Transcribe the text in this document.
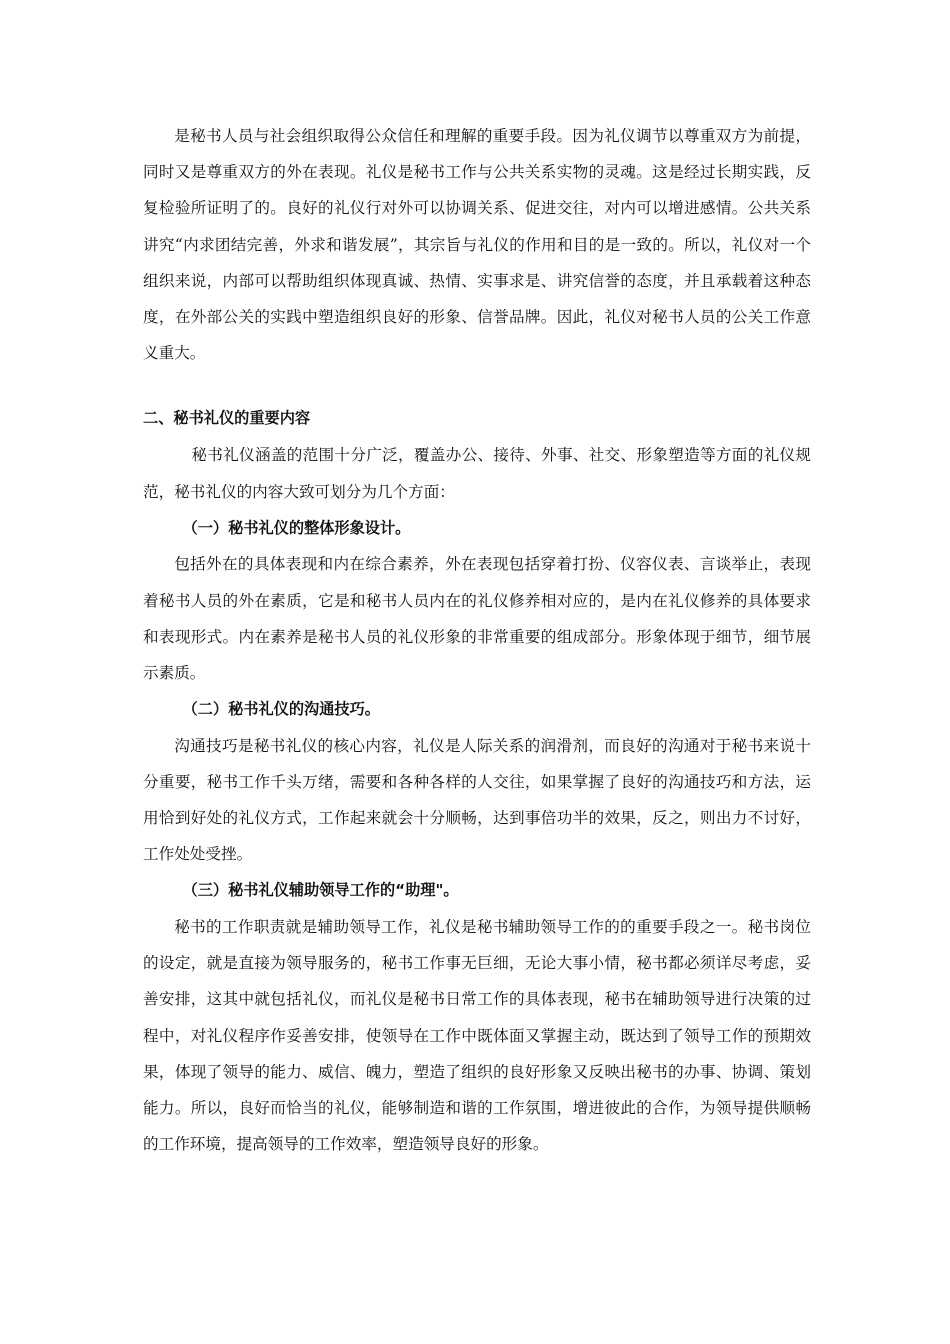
是秘书人员与社会组织取得公众信任和理解的重要手段。因为礼仪调节以尊重双方为前提，同时又是尊重双方的外在表现。礼仪是秘书工作与公共关系实物的灵魂。这是经过长期实践，反复检验所证明了的。良好的礼仪行对外可以协调关系、促进交往，对内可以增进感情。公共关系讲究“内求团结完善，外求和谐发展”，其宗旨与礼仪的作用和目的是一致的。所以，礼仪对一个组织来说，内部可以帮助组织体现真诚、热情、实事求是、讲究信誉的态度，并且承载着这种态度，在外部公关的实践中塑造组织良好的形象、信誉品牌。因此，礼仪对秘书人员的公关工作意义重大。

二、秘书礼仪的重要内容

秘书礼仪涵盖的范围十分广泛，覆盖办公、接待、外事、社交、形象塑造等方面的礼仪规范，秘书礼仪的内容大致可划分为几个方面：

（一）秘书礼仪的整体形象设计。

包括外在的具体表现和内在综合素养，外在表现包括穿着打扮、仪容仪表、言谈举止，表现着秘书人员的外在素质，它是和秘书人员内在的礼仪修养相对应的，是内在礼仪修养的具体要求和表现形式。内在素养是秘书人员的礼仪形象的非常重要的组成部分。形象体现于细节，细节展示素质。

（二）秘书礼仪的沟通技巧。

沟通技巧是秘书礼仪的核心内容，礼仪是人际关系的润滑剂，而良好的沟通对于秘书来说十分重要，秘书工作千头万绪，需要和各种各样的人交往，如果掌握了良好的沟通技巧和方法，运用恰到好处的礼仪方式，工作起来就会十分顺畅，达到事倍功半的效果，反之，则出力不讨好，工作处处受挫。

（三）秘书礼仪辅助领导工作的“助理"。

秘书的工作职责就是辅助领导工作，礼仪是秘书辅助领导工作的的重要手段之一。秘书岗位的设定，就是直接为领导服务的，秘书工作事无巨细，无论大事小情，秘书都必须详尽考虑，妥善安排，这其中就包括礼仪，而礼仪是秘书日常工作的具体表现，秘书在辅助领导进行决策的过程中，对礼仪程序作妥善安排，使领导在工作中既体面又掌握主动，既达到了领导工作的预期效果，体现了领导的能力、威信、魄力，塑造了组织的良好形象又反映出秘书的办事、协调、策划能力。所以，良好而恰当的礼仪，能够制造和谐的工作氛围，增进彼此的合作，为领导提供顺畅的工作环境，提高领导的工作效率，塑造领导良好的形象。
